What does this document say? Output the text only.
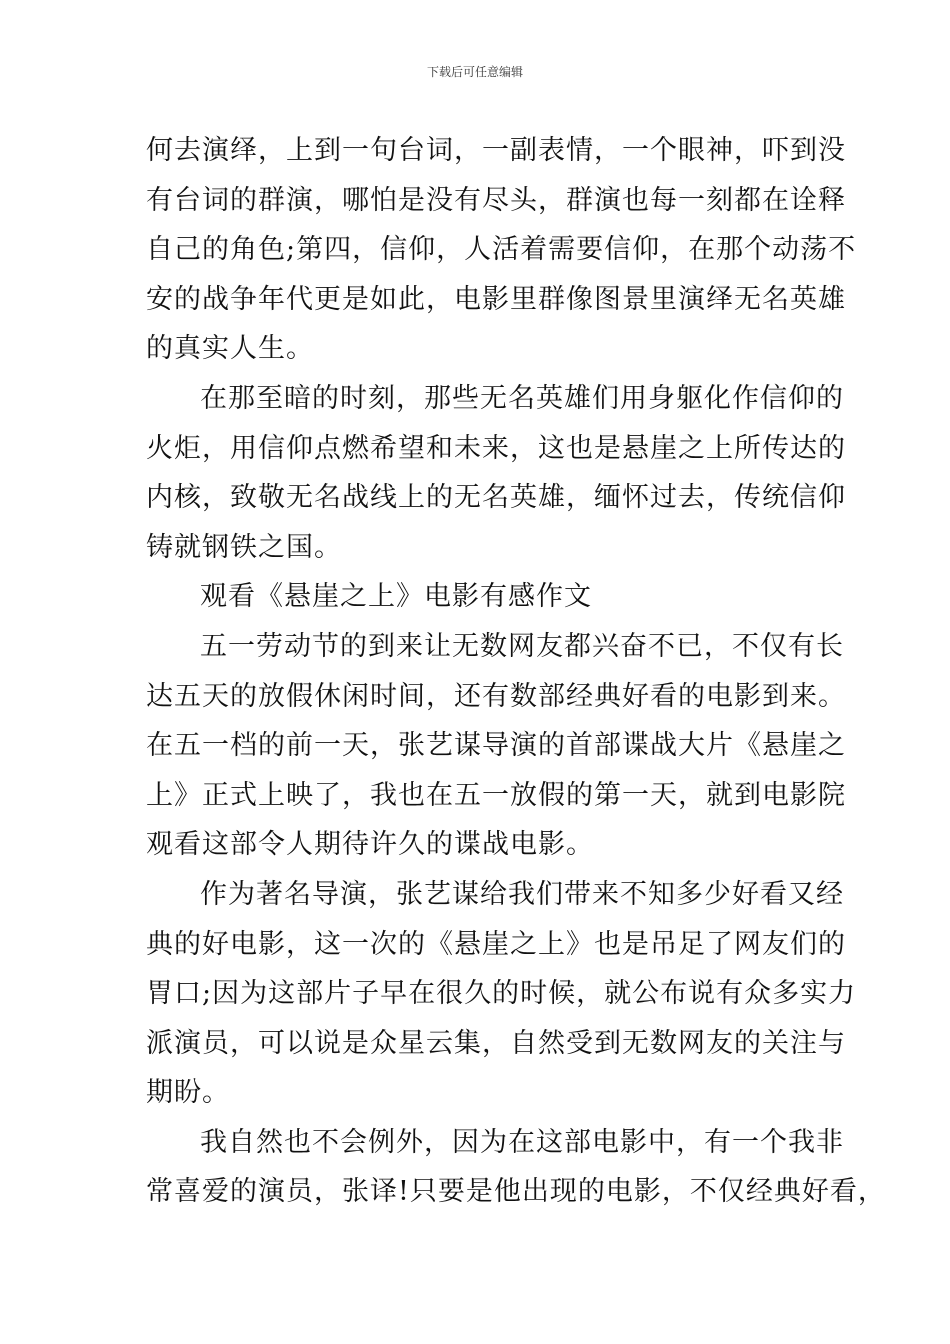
下载后可任意编辑
何去演绎，上到一句台词，一副表情，一个眼神，吓到没
有台词的群演，哪怕是没有尽头，群演也每一刻都在诠释
自己的角色;第四，信仰，人活着需要信仰，在那个动荡不
安的战争年代更是如此，电影里群像图景里演绎无名英雄
的真实人生。
在那至暗的时刻，那些无名英雄们用身躯化作信仰的
火炬，用信仰点燃希望和未来，这也是悬崖之上所传达的
内核，致敬无名战线上的无名英雄，缅怀过去，传统信仰
铸就钢铁之国。
观看《悬崖之上》电影有感作文
五一劳动节的到来让无数网友都兴奋不已，不仅有长
达五天的放假休闲时间，还有数部经典好看的电影到来。
在五一档的前一天，张艺谋导演的首部谍战大片《悬崖之
上》正式上映了，我也在五一放假的第一天，就到电影院
观看这部令人期待许久的谍战电影。
作为著名导演，张艺谋给我们带来不知多少好看又经
典的好电影，这一次的《悬崖之上》也是吊足了网友们的
胃口;因为这部片子早在很久的时候，就公布说有众多实力
派演员，可以说是众星云集，自然受到无数网友的关注与
期盼。
我自然也不会例外，因为在这部电影中，有一个我非
常喜爱的演员，张译!只要是他出现的电影，不仅经典好看，
